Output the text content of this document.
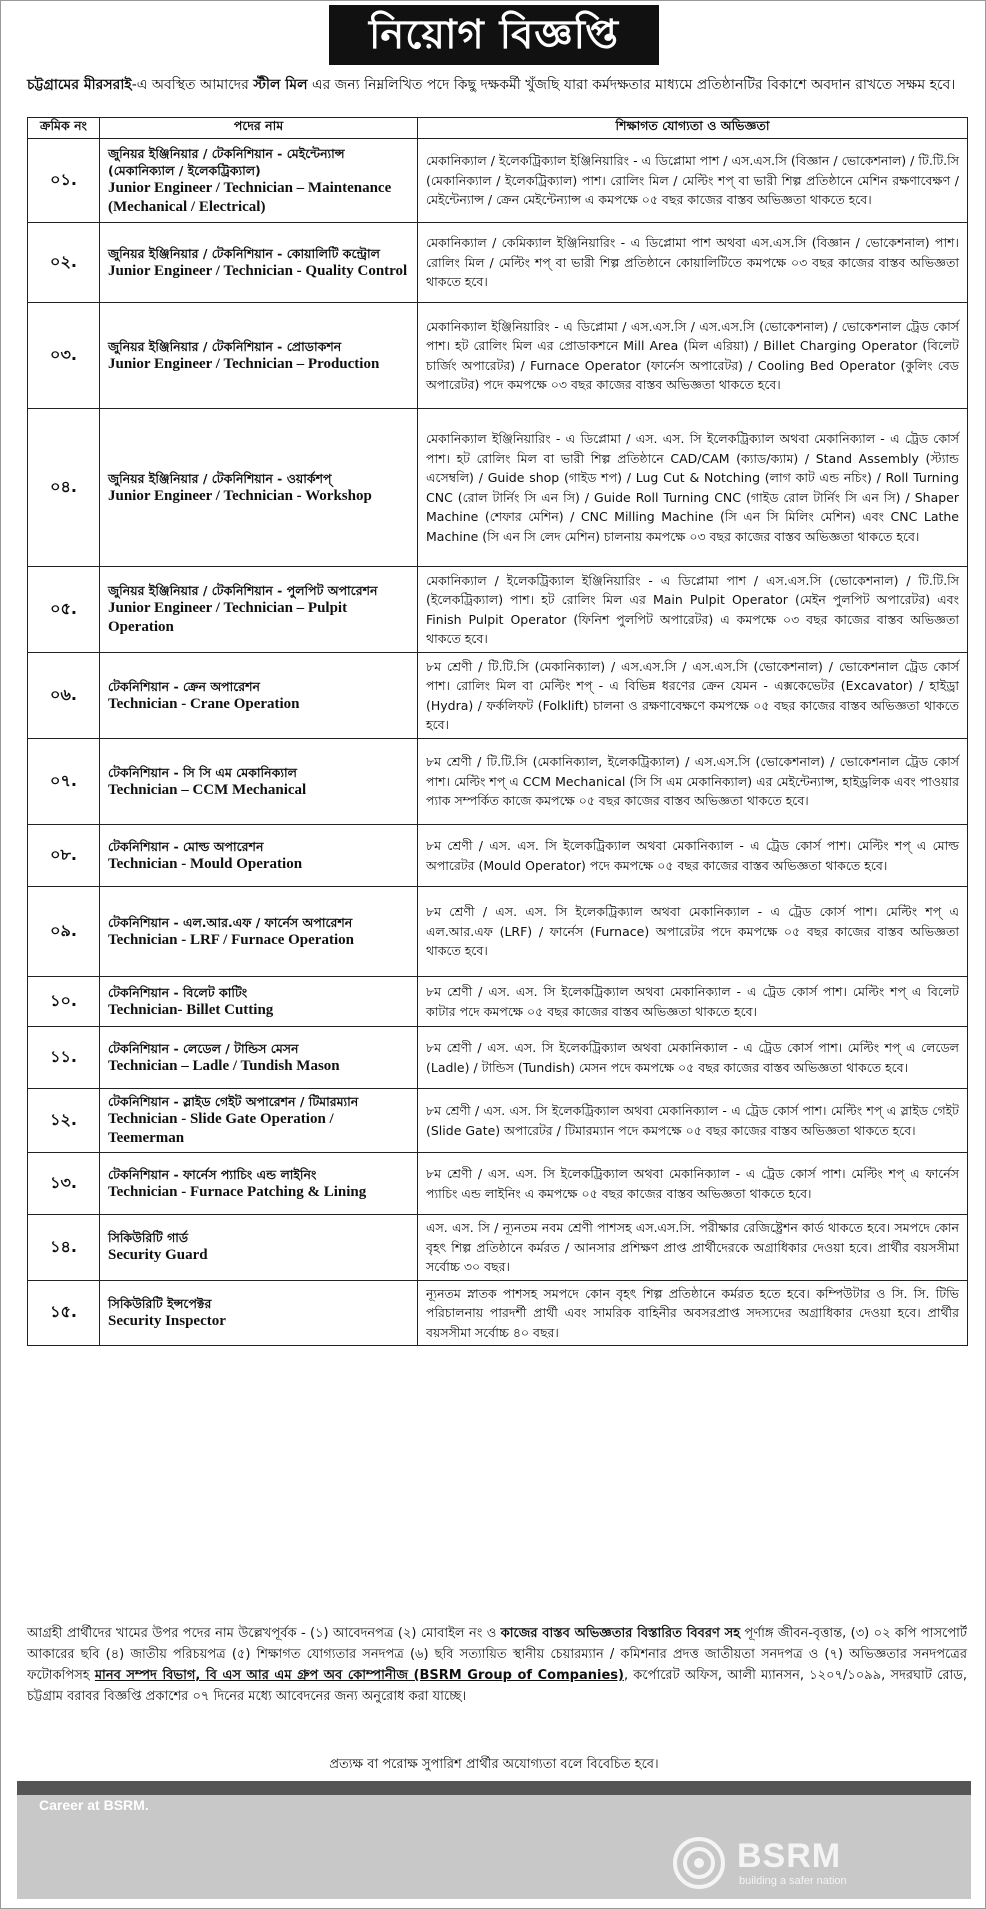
নিয়োগ বিজ্ঞপ্তি
চট্টগ্রামের মীরসরাই-এ অবস্থিত আমাদের স্টীল মিল এর জন্য নিম্নলিখিত পদে কিছু দক্ষকর্মী খুঁজছি যারা কর্মদক্ষতার মাধ্যমে প্রতিষ্ঠানটির বিকাশে অবদান রাখতে সক্ষম হবে।
ক্রমিক নং	পদের নাম	শিক্ষাগত যোগ্যতা ও অভিজ্ঞতা
০১.	জুনিয়র ইঞ্জিনিয়ার / টেকনিশিয়ান - মেইন্টেন্যান্স (মেকানিক্যাল / ইলেকট্রিক্যাল)
Junior Engineer / Technician – Maintenance (Mechanical / Electrical)	মেকানিক্যাল / ইলেকট্রিক্যাল ইঞ্জিনিয়ারিং - এ ডিপ্লোমা পাশ / এস.এস.সি (বিজ্ঞান / ভোকেশনাল) / টি.টি.সি (মেকানিক্যাল / ইলেকট্রিক্যাল) পাশ। রোলিং মিল / মেল্টিং শপ্ বা ভারী শিল্প প্রতিষ্ঠানে মেশিন রক্ষণাবেক্ষণ / মেইন্টেন্যান্স / ক্রেন মেইন্টেন্যান্স এ কমপক্ষে ০৫ বছর কাজের বাস্তব অভিজ্ঞতা থাকতে হবে।
০২.	জুনিয়র ইঞ্জিনিয়ার / টেকনিশিয়ান - কোয়ালিটি কন্ট্রোল
Junior Engineer / Technician - Quality Control	মেকানিক্যাল / কেমিক্যাল ইঞ্জিনিয়ারিং - এ ডিপ্লোমা পাশ অথবা এস.এস.সি (বিজ্ঞান / ভোকেশনাল) পাশ। রোলিং মিল / মেল্টিং শপ্ বা ভারী শিল্প প্রতিষ্ঠানে কোয়ালিটিতে কমপক্ষে ০৩ বছর কাজের বাস্তব অভিজ্ঞতা থাকতে হবে।
০৩.	জুনিয়র ইঞ্জিনিয়ার / টেকনিশিয়ান - প্রোডাকশন
Junior Engineer / Technician – Production	মেকানিক্যাল ইঞ্জিনিয়ারিং - এ ডিপ্লোমা / এস.এস.সি / এস.এস.সি (ভোকেশনাল) / ভোকেশনাল ট্রেড কোর্স পাশ। হট রোলিং মিল এর প্রোডাকশনে Mill Area (মিল এরিয়া) / Billet Charging Operator (বিলেট চার্জিং অপারেটর) / Furnace Operator (ফার্নেস অপারেটর) / Cooling Bed Operator (কুলিং বেড অপারেটর) পদে কমপক্ষে ০৩ বছর কাজের বাস্তব অভিজ্ঞতা থাকতে হবে।
০৪.	জুনিয়র ইঞ্জিনিয়ার / টেকনিশিয়ান - ওয়ার্কশপ্
Junior Engineer / Technician - Workshop	মেকানিক্যাল ইঞ্জিনিয়ারিং - এ ডিপ্লোমা / এস. এস. সি ইলেকট্রিক্যাল অথবা মেকানিক্যাল - এ ট্রেড কোর্স পাশ। হট রোলিং মিল বা ভারী শিল্প প্রতিষ্ঠানে CAD/CAM (ক্যাড/ক্যাম) / Stand Assembly (স্ট্যান্ড এসেম্বলি) / Guide shop (গাইড শপ) / Lug Cut & Notching (লাগ কাট এন্ড নচিং) / Roll Turning CNC (রোল টার্নিং সি এন সি) / Guide Roll Turning CNC (গাইড রোল টার্নিং সি এন সি) / Shaper Machine (শেফার মেশিন) / CNC Milling Machine (সি এন সি মিলিং মেশিন) এবং CNC Lathe Machine (সি এন সি লেদ মেশিন) চালনায় কমপক্ষে ০৩ বছর কাজের বাস্তব অভিজ্ঞতা থাকতে হবে।
০৫.	জুনিয়র ইঞ্জিনিয়ার / টেকনিশিয়ান - পুলপিট অপারেশন
Junior Engineer / Technician – Pulpit Operation	মেকানিক্যাল / ইলেকট্রিক্যাল ইঞ্জিনিয়ারিং - এ ডিপ্লোমা পাশ / এস.এস.সি (ভোকেশনাল) / টি.টি.সি (ইলেকট্রিক্যাল) পাশ। হট রোলিং মিল এর Main Pulpit Operator (মেইন পুলপিট অপারেটর) এবং Finish Pulpit Operator (ফিনিশ পুলপিট অপারেটর) এ কমপক্ষে ০৩ বছর কাজের বাস্তব অভিজ্ঞতা থাকতে হবে।
০৬.	টেকনিশিয়ান - ক্রেন অপারেশন
Technician - Crane Operation	৮ম শ্রেণী / টি.টি.সি (মেকানিক্যাল) / এস.এস.সি / এস.এস.সি (ভোকেশনাল) / ভোকেশনাল ট্রেড কোর্স পাশ। রোলিং মিল বা মেল্টিং শপ্ - এ বিভিন্ন ধরণের ক্রেন যেমন - এক্সকেভেটর (Excavator) / হাইড্রা (Hydra) / ফর্কলিফট (Folklift) চালনা ও রক্ষণাবেক্ষণে কমপক্ষে ০৫ বছর কাজের বাস্তব অভিজ্ঞতা থাকতে হবে।
০৭.	টেকনিশিয়ান - সি সি এম মেকানিক্যাল
Technician – CCM Mechanical	৮ম শ্রেণী / টি.টি.সি (মেকানিক্যাল, ইলেকট্রিক্যাল) / এস.এস.সি (ভোকেশনাল) / ভোকেশনাল ট্রেড কোর্স পাশ। মেল্টিং শপ্ এ CCM Mechanical (সি সি এম মেকানিক্যাল) এর মেইন্টেন্যান্স, হাইড্রলিক এবং পাওয়ার প্যাক সম্পর্কিত কাজে কমপক্ষে ০৫ বছর কাজের বাস্তব অভিজ্ঞতা থাকতে হবে।
০৮.	টেকনিশিয়ান - মোল্ড অপারেশন
Technician - Mould Operation	৮ম শ্রেণী / এস. এস. সি ইলেকট্রিক্যাল অথবা মেকানিক্যাল - এ ট্রেড কোর্স পাশ। মেল্টিং শপ্ এ মোল্ড অপারেটর (Mould Operator) পদে কমপক্ষে ০৫ বছর কাজের বাস্তব অভিজ্ঞতা থাকতে হবে।
০৯.	টেকনিশিয়ান - এল.আর.এফ / ফার্নেস অপারেশন
Technician - LRF / Furnace Operation	৮ম শ্রেণী / এস. এস. সি ইলেকট্রিক্যাল অথবা মেকানিক্যাল - এ ট্রেড কোর্স পাশ। মেল্টিং শপ্ এ এল.আর.এফ (LRF) / ফার্নেস (Furnace) অপারেটর পদে কমপক্ষে ০৫ বছর কাজের বাস্তব অভিজ্ঞতা থাকতে হবে।
১০.	টেকনিশিয়ান - বিলেট কাটিং
Technician- Billet Cutting	৮ম শ্রেণী / এস. এস. সি ইলেকট্রিক্যাল অথবা মেকানিক্যাল - এ ট্রেড কোর্স পাশ। মেল্টিং শপ্ এ বিলেট কাটার পদে কমপক্ষে ০৫ বছর কাজের বাস্তব অভিজ্ঞতা থাকতে হবে।
১১.	টেকনিশিয়ান - লেডেল / টান্ডিস মেসন
Technician – Ladle / Tundish Mason	৮ম শ্রেণী / এস. এস. সি ইলেকট্রিক্যাল অথবা মেকানিক্যাল - এ ট্রেড কোর্স পাশ। মেল্টিং শপ্ এ লেডেল (Ladle) / টান্ডিস (Tundish) মেসন পদে কমপক্ষে ০৫ বছর কাজের বাস্তব অভিজ্ঞতা থাকতে হবে।
১২.	টেকনিশিয়ান - স্লাইড গেইট অপারেশন / টিমারম্যান
Technician - Slide Gate Operation / Teemerman	৮ম শ্রেণী / এস. এস. সি ইলেকট্রিক্যাল অথবা মেকানিক্যাল - এ ট্রেড কোর্স পাশ। মেল্টিং শপ্ এ স্লাইড গেইট (Slide Gate) অপারেটর / টিমারম্যান পদে কমপক্ষে ০৫ বছর কাজের বাস্তব অভিজ্ঞতা থাকতে হবে।
১৩.	টেকনিশিয়ান - ফার্নেস প্যাচিং এন্ড লাইনিং
Technician - Furnace Patching & Lining	৮ম শ্রেণী / এস. এস. সি ইলেকট্রিক্যাল অথবা মেকানিক্যাল - এ ট্রেড কোর্স পাশ। মেল্টিং শপ্ এ ফার্নেস প্যাচিং এন্ড লাইনিং এ কমপক্ষে ০৫ বছর কাজের বাস্তব অভিজ্ঞতা থাকতে হবে।
১৪.	সিকিউরিটি গার্ড
Security Guard	এস. এস. সি / ন্যূনতম নবম শ্রেণী পাশসহ এস.এস.সি. পরীক্ষার রেজিষ্ট্রেশন কার্ড থাকতে হবে। সমপদে কোন বৃহৎ শিল্প প্রতিষ্ঠানে কর্মরত / আনসার প্রশিক্ষণ প্রাপ্ত প্রার্থীদেরকে অগ্রাধিকার দেওয়া হবে। প্রার্থীর বয়সসীমা সর্বোচ্চ ৩০ বছর।
১৫.	সিকিউরিটি ইন্সপেক্টর
Security Inspector	ন্যূনতম স্নাতক পাশসহ সমপদে কোন বৃহৎ শিল্প প্রতিষ্ঠানে কর্মরত হতে হবে। কম্পিউটার ও সি. সি. টিভি পরিচালনায় পারদর্শী প্রার্থী এবং সামরিক বাহিনীর অবসরপ্রাপ্ত সদস্যদের অগ্রাধিকার দেওয়া হবে। প্রার্থীর বয়সসীমা সর্বোচ্চ ৪০ বছর।
আগ্রহী প্রার্থীদের খামের উপর পদের নাম উল্লেখপূর্বক - (১) আবেদনপত্র (২) মোবাইল নং ও কাজের বাস্তব অভিজ্ঞতার বিস্তারিত বিবরণ সহ পূর্ণাঙ্গ জীবন-বৃত্তান্ত, (৩) ০২ কপি পাসপোর্ট আকারের ছবি (৪) জাতীয় পরিচয়পত্র (৫) শিক্ষাগত যোগ্যতার সনদপত্র (৬) ছবি সত্যায়িত স্থানীয় চেয়ারম্যান / কমিশনার প্রদত্ত জাতীয়তা সনদপত্র ও (৭) অভিজ্ঞতার সনদপত্রের ফটোকপিসহ মানব সম্পদ বিভাগ, বি এস আর এম গ্রুপ অব কোম্পানীজ (BSRM Group of Companies), কর্পোরেট অফিস, আলী ম্যানসন, ১২০৭/১০৯৯, সদরঘাট রোড, চট্টগ্রাম বরাবর বিজ্ঞপ্তি প্রকাশের ০৭ দিনের মধ্যে আবেদনের জন্য অনুরোধ করা যাচ্ছে।
প্রত্যক্ষ বা পরোক্ষ সুপারিশ প্রার্থীর অযোগ্যতা বলে বিবেচিত হবে।
Career at BSRM.
BSRM
building a safer nation
